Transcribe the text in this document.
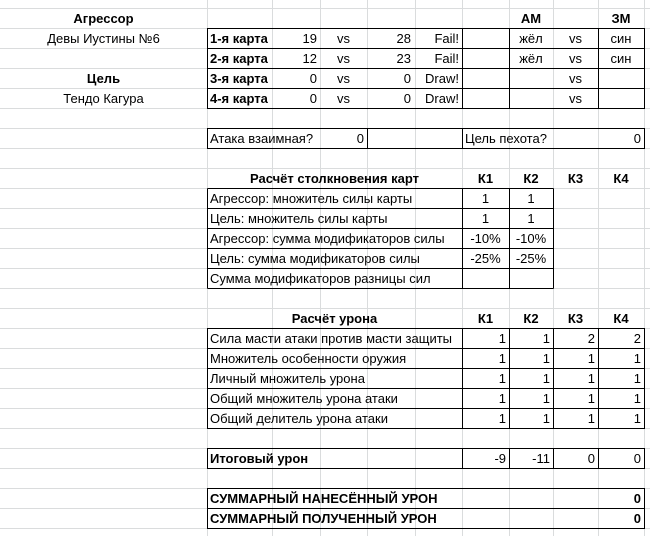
Агрессор
Девы Иустины №6
Цель
Тендо Кагура
АМ	ЗМ
1-я карта	19	vs	28	Fail!	жёл	vs	син
2-я карта	12	vs	23	Fail!	жёл	vs	син
3-я карта	0	vs	0	Draw!	vs
4-я карта	0	vs	0	Draw!	vs
Атака взаимная?	0	Цель пехота?	0
Расчёт столкновения карт	К1	К2	К3	К4
Агрессор: множитель силы карты	1	1
Цель: множитель силы карты	1	1
Агрессор: сумма модификаторов силы	-10%	-10%
Цель: сумма модификаторов силы	-25%	-25%
Сумма модификаторов разницы сил
Расчёт урона	К1	К2	К3	К4
Сила масти атаки против масти защиты	1	1	2	2
Множитель особенности оружия	1	1	1	1
Личный множитель урона	1	1	1	1
Общий множитель урона атаки	1	1	1	1
Общий делитель урона атаки	1	1	1	1
Итоговый урон	-9	-11	0	0
СУММАРНЫЙ НАНЕСЁННЫЙ УРОН	0
СУММАРНЫЙ ПОЛУЧЕННЫЙ УРОН	0
